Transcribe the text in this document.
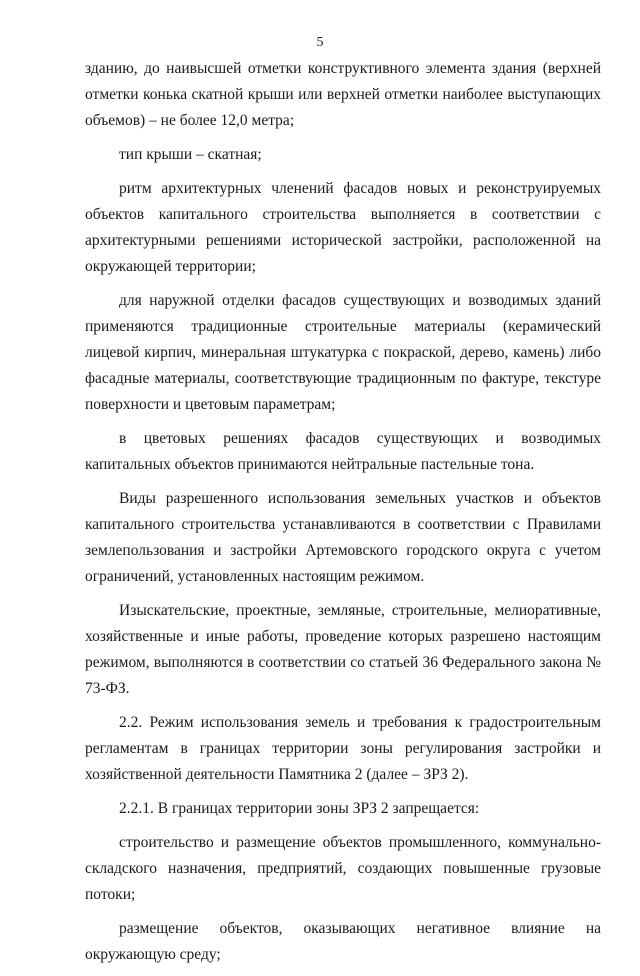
5

зданию, до наивысшей отметки конструктивного элемента здания (верхней отметки конька скатной крыши или верхней отметки наиболее выступающих объемов) – не более 12,0 метра;

тип крыши – скатная;

ритм архитектурных членений фасадов новых и реконструируемых объектов капитального строительства выполняется в соответствии с архитектурными решениями исторической застройки, расположенной на окружающей территории;

для наружной отделки фасадов существующих и возводимых зданий применяются традиционные строительные материалы (керамический лицевой кирпич, минеральная штукатурка с покраской, дерево, камень) либо фасадные материалы, соответствующие традиционным по фактуре, текстуре поверхности и цветовым параметрам;

в цветовых решениях фасадов существующих и возводимых капитальных объектов принимаются нейтральные пастельные тона.

Виды разрешенного использования земельных участков и объектов капитального строительства устанавливаются в соответствии с Правилами землепользования и застройки Артемовского городского округа с учетом ограничений, установленных настоящим режимом.

Изыскательские, проектные, земляные, строительные, мелиоративные, хозяйственные и иные работы, проведение которых разрешено настоящим режимом, выполняются в соответствии со статьей 36 Федерального закона № 73-ФЗ.

2.2. Режим использования земель и требования к градостроительным регламентам в границах территории зоны регулирования застройки и хозяйственной деятельности Памятника 2 (далее – ЗРЗ 2).

2.2.1. В границах территории зоны ЗРЗ 2 запрещается:

строительство и размещение объектов промышленного, коммунально-складского назначения, предприятий, создающих повышенные грузовые потоки;

размещение объектов, оказывающих негативное влияние на окружающую среду;
